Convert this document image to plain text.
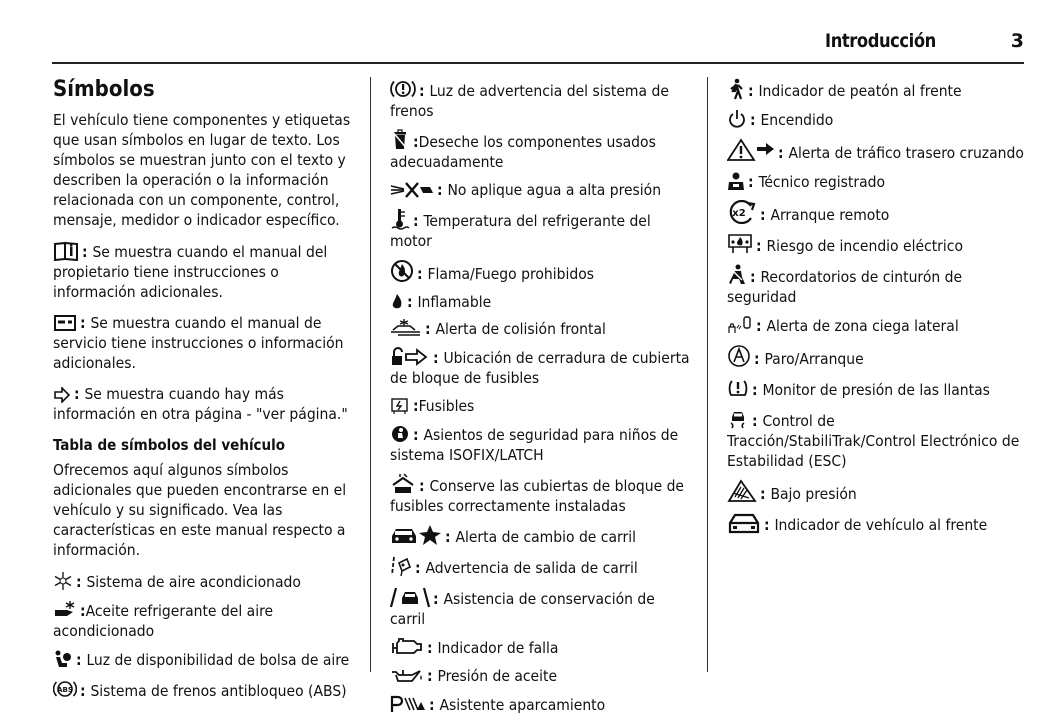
Introducción	3
Símbolos

El vehículo tiene componentes y etiquetas que usan símbolos en lugar de texto. Los símbolos se muestran junto con el texto y describen la operación o la información relacionada con un componente, control, mensaje, medidor o indicador específico.

: Se muestra cuando el manual del propietario tiene instrucciones o información adicionales.

: Se muestra cuando el manual de servicio tiene instrucciones o información adicionales.

: Se muestra cuando hay más información en otra página - "ver página."

Tabla de símbolos del vehículo

Ofrecemos aquí algunos símbolos adicionales que pueden encontrarse en el vehículo y su significado. Vea las características en este manual respecto a información.

: Sistema de aire acondicionado
:Aceite refrigerante del aire acondicionado
: Luz de disponibilidad de bolsa de aire
ABS : Sistema de frenos antibloqueo (ABS)
: Luz de advertencia del sistema de frenos
:Deseche los componentes usados adecuadamente
: No aplique agua a alta presión
: Temperatura del refrigerante del motor
: Flama/Fuego prohibidos
: Inflamable
: Alerta de colisión frontal
: Ubicación de cerradura de cubierta de bloque de fusibles
:Fusibles
: Asientos de seguridad para niños de sistema ISOFIX/LATCH
: Conserve las cubiertas de bloque de fusibles correctamente instaladas
: Alerta de cambio de carril
: Advertencia de salida de carril
: Asistencia de conservación de carril
: Indicador de falla
: Presión de aceite
: Asistente aparcamiento
: Indicador de peatón al frente
: Encendido
: Alerta de tráfico trasero cruzando
: Técnico registrado
x2 : Arranque remoto
: Riesgo de incendio eléctrico
: Recordatorios de cinturón de seguridad
: Alerta de zona ciega lateral
: Paro/Arranque
: Monitor de presión de las llantas
: Control de Tracción/StabiliTrak/Control Electrónico de Estabilidad (ESC)
: Bajo presión
: Indicador de vehículo al frente
